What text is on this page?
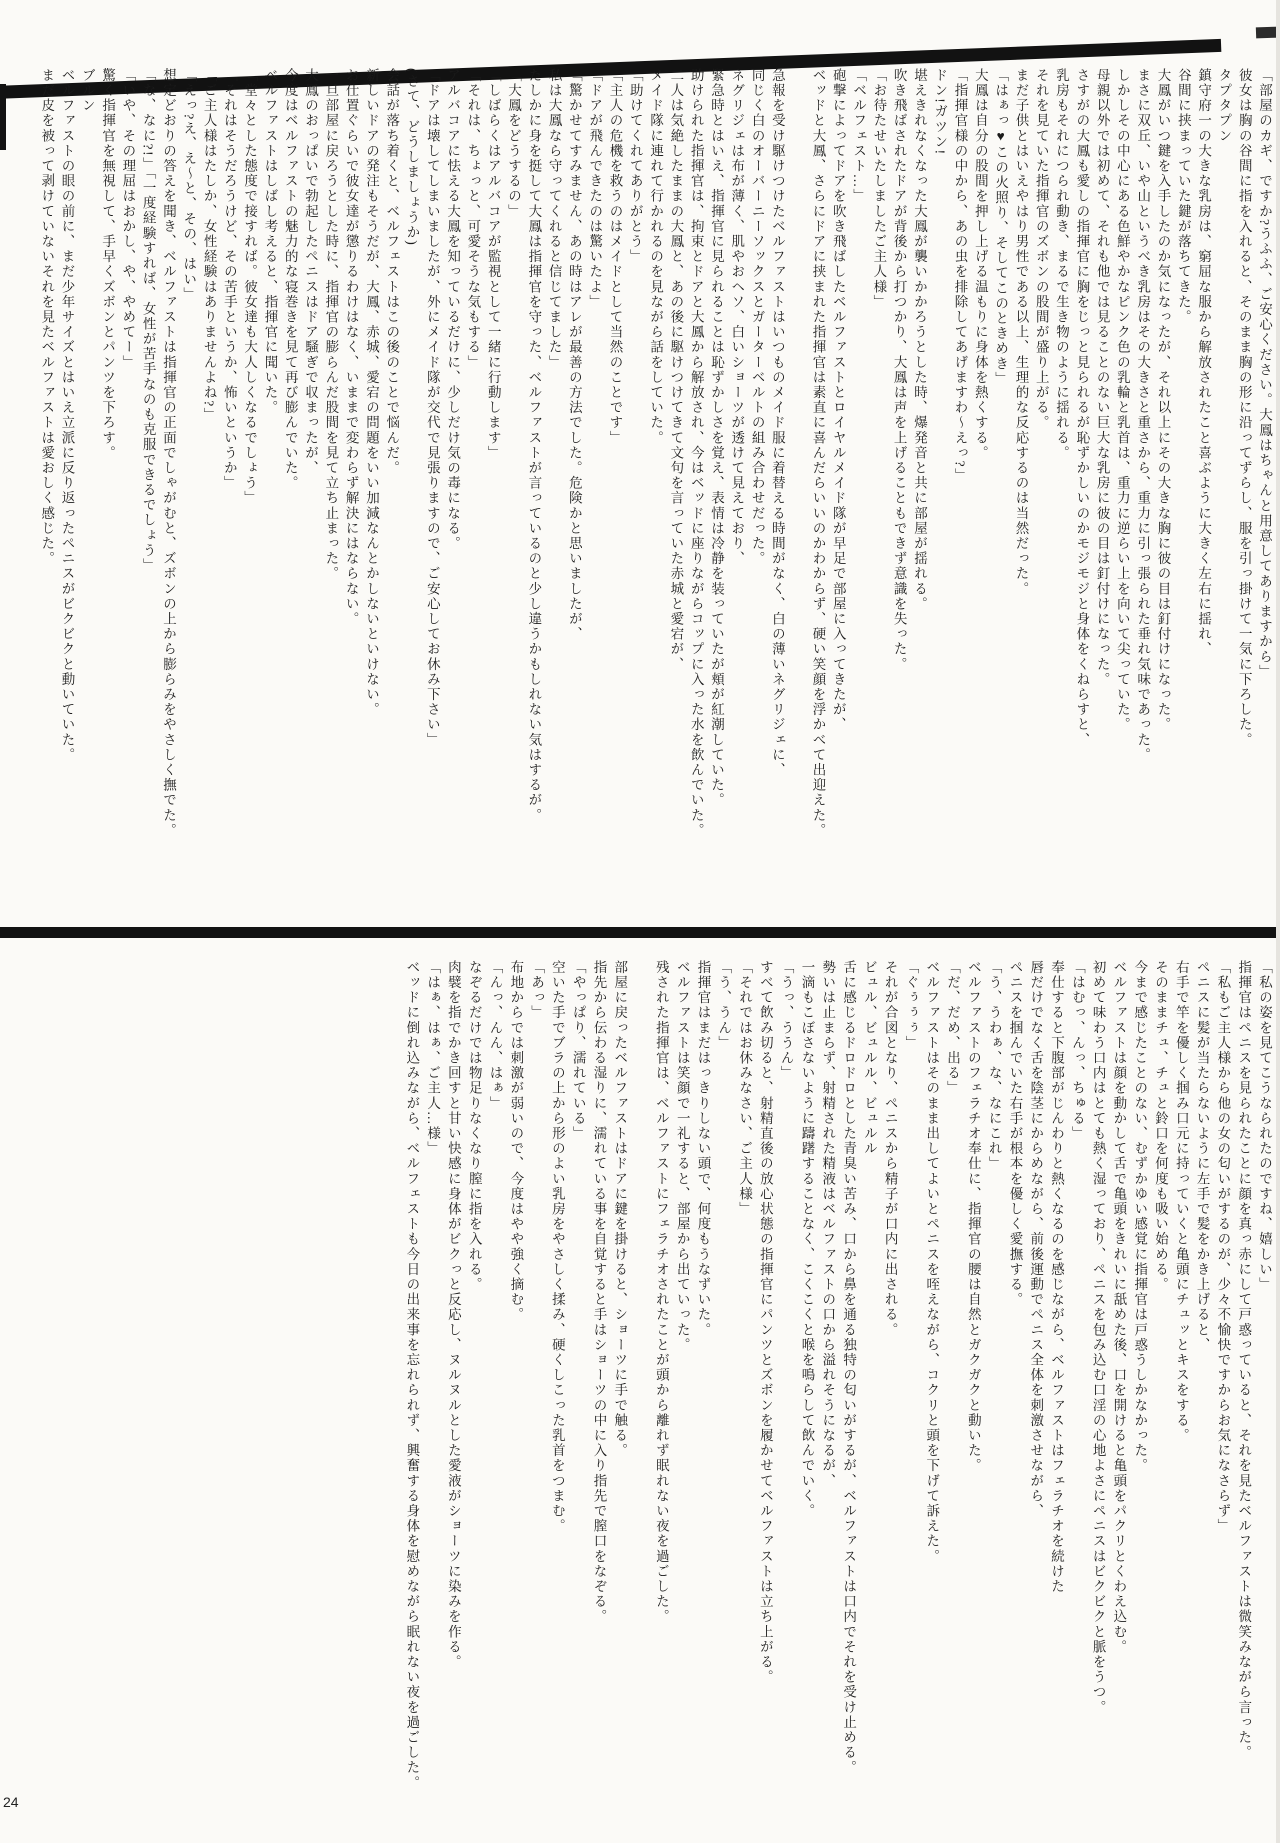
「部屋のカギ、ですか?うふふ、ご安心ください。大鳳はちゃんと用意してありますから」
彼女は胸の谷間に指を入れると、そのまま胸の形に沿ってずらし、服を引っ掛けて一気に下ろした。
タプタプン
鎮守府一の大きな乳房は、窮屈な服から解放されたこと喜ぶように大きく左右に揺れ、
谷間に挟まっていた鍵が落ちてきた。
大鳳がいつ鍵を入手したのか気になったが、それ以上にその大きな胸に彼の目は釘付けになった。
まさに双丘、いや山というべき乳房はその大きさと重さから、重力に引っ張られた垂れ気味であった。
しかしその中心にある色鮮やかなピンク色の乳輪と乳首は、重力に逆らい上を向いて尖っていた。
母親以外では初めて、それも他では見ることのない巨大な乳房に彼の目は釘付けになった。
さすがの大鳳も愛しの指揮官に胸をじっと見られるが恥ずかしいのかモジモジと身体をくねらすと、
乳房もそれにつられ動き、まるで生き物のように揺れる。
それを見ていた指揮官のズボンの股間が盛り上がる。
まだ子供とはいえやはり男性である以上、生理的な反応するのは当然だった。
「はぁっ♥この火照り、そしてこのときめき」
大鳳は自分の股間を押し上げる温もりに身体を熱くする。
「指揮官様の中から、あの虫を排除してあげますわ〜えっ?」
ドン!ガツン!
堪えきれなくなった大鳳が襲いかかろうとした時、爆発音と共に部屋が揺れる。
吹き飛ばされたドアが背後から打つかり、大鳳は声を上げることもできず意識を失った。
「お待たせいたしましたご主人様」
「ベルフェスト…」
砲撃によってドアを吹き飛ばしたベルファストとロイヤルメイド隊が早足で部屋に入ってきたが、
ベッドと大鳳、さらにドアに挟まれた指揮官は素直に喜んだらいいのかわからず、硬い笑顔を浮かべて出迎えた。

急報を受け駆けつけたベルファストはいつものメイド服に着替える時間がなく、白の薄いネグリジェに、
同じく白のオーバーニーソックスとガーターベルトの組み合わせだった。
ネグリジェは布が薄く、肌やおヘソ、白いショーツが透けて見えており、
緊急時とはいえ、指揮官に見られることは恥ずかしさを覚え、表情は冷静を装っていたが頬が紅潮していた。
助けられた指揮官は、拘束とドアと大鳳から解放され、今はベッドに座りながらコップに入った水を飲んでいた。
二人は気絶したままの大鳳と、あの後に駆けつけてきて文句を言っていた赤城と愛宕が、
メイド隊に連れて行かれるのを見ながら話をしていた。
「助けてくれてありがとう」
「主人の危機を救うのはメイドとして当然のことです」
「ドアが飛んできたのは驚いたよ」
「驚かせてすみません、あの時はアレが最善の方法でした。危険かと思いましたが、
私は大鳳なら守ってくれると信じてました」
たしかに身を挺して大鳳は指揮官を守った、ベルファストが言っているのと少し違うかもしれない気はするが。
「大鳳をどうするの」
「しばらくはアルバコアが監視として一緒に行動します」
「それは、ちょっと、可愛そうな気もする」
アルバコアに怯える大鳳を知っているだけに、少しだけ気の毒になる。
「ドアは壊してしまいましたが、外にメイド隊が交代で見張りますので、ご安心してお休み下さい」
(さて、どうしましょうか)
会話が落ち着くと、ベルフェストはこの後のことで悩んだ。
新しいドアの発注もそうだが、大鳳、赤城、愛宕の問題をいい加減なんとかしないといけない。
お仕置ぐらいで彼女達が懲りるわけはなく、いままで変わらず解決にはならない。
一旦部屋に戻ろうとした時に、指揮官の膨らんだ股間を見て立ち止まった。
大鳳のおっぱいで勃起したペニスはドア騒ぎで収まったが、
今度はベルファストの魅力的な寝巻きを見て再び膨んでいた。
ベルファストはしばし考えると、指揮官に聞いた。
「堂々とした態度で接すれば。彼女達も大人しくなるでしょう」
「それはそうだろうけど、その苦手というか、怖いというか」
「ご主人様はたしか、女性経験はありませんよね?」
「えっ?え、え〜と、その、はい」
想定どおりの答えを聞き、ベルファストは指揮官の正面でしゃがむと、ズボンの上から膨らみをやさしく撫でた。
「な、なに?!」「一度経験すれば、女性が苦手なのも克服できるでしょう」
「いや、その理屈はおかし、や、やめてー」
驚く指揮官を無視して、手早くズボンとパンツを下ろす。
ブルン
ベルファストの眼の前に、まだ少年サイズとはいえ立派に反り返ったペニスがビクビクと動いていた。
まだ皮を被って剥けていないそれを見たベルファストは愛おしく感じた。
「私の姿を見てこうなられたのですね、嬉しい」
指揮官はペニスを見られたことに顔を真っ赤にして戸惑っていると、それを見たベルファストは微笑みながら言った。
「私もご主人様から他の女の匂いがするのが、少々不愉快ですからお気になさらず」
ペニスに髪が当たらないように左手で髪をかき上げると、
右手で竿を優しく掴み口元に持っていくと亀頭にチュッとキスをする。
そのままチュ、チュと鈴口を何度も吸い始める。
今まで感じたことのない、むずかゆい感覚に指揮官は戸惑うしかなかった。
ベルファストは顔を動かして舌で亀頭をきれいに舐めた後、口を開けると亀頭をパクリとくわえ込む。
初めて味わう口内はとても熱く湿っており、ペニスを包み込む口淫の心地よさにペニスはビクビクと脈をうつ。
「はむっ、んっ、ちゅる」
奉仕すると下腹部がじんわりと熱くなるのを感じながら、ベルファストはフェラチオを続けた
唇だけでなく舌を陰茎にからめながら、前後運動でペニス全体を刺激させながら、
ペニスを掴んでいた右手が根本を優しく愛撫する。
「う、うわぁ、な、なにこれ」
ベルファストのフェラチオ奉仕に、指揮官の腰は自然とガクガクと動いた。
「だ、だめ、出る」
ベルファストはそのまま出してよいとペニスを咥えながら、コクリと頭を下げて訴えた。
「ぐぅぅぅ」
それが合図となり、ペニスから精子が口内に出される。
ビュル、ビュルル、ビュルル
舌に感じるドロドロとした青臭い苦み、口から鼻を通る独特の匂いがするが、ベルファストは口内でそれを受け止める。
勢いは止まらず、射精された精液はベルファストの口から溢れそうになるが、
一滴もこぼさないように躊躇することなく、こくこくと喉を鳴らして飲んでいく。
「うっ、ううん」
すべて飲み切ると、射精直後の放心状態の指揮官にパンツとズボンを履かせてベルファストは立ち上がる。
「それではお休みなさい、ご主人様」
「う、うん」
指揮官はまだはっきりしない頭で、何度もうなずいた。
ベルファストは笑顔で一礼すると、部屋から出ていった。
残された指揮官は、ベルファストにフェラチオされたことが頭から離れず眠れない夜を過ごした。

部屋に戻ったベルファストはドアに鍵を掛けると、ショーツに手で触る。
指先から伝わる湿りに、濡れている事を自覚すると手はショーツの中に入り指先で膣口をなぞる。
「やっぱり、濡れている」
空いた手でブラの上から形のよい乳房をやさしく揉み、硬くしこった乳首をつまむ。
「あっ」
布地からでは刺激が弱いので、今度はやや強く摘む。
「んっ、んん、はぁ」
なぞるだけでは物足りなくなり膣に指を入れる。
肉襞を指でかき回すと甘い快感に身体がビクっと反応し、ヌルヌルとした愛液がショーツに染みを作る。
「はぁ、はぁ、ご主人…様」
ベッドに倒れ込みながら、ベルフェストも今日の出来事を忘れられず、興奮する身体を慰めながら眠れない夜を過ごした。
24
